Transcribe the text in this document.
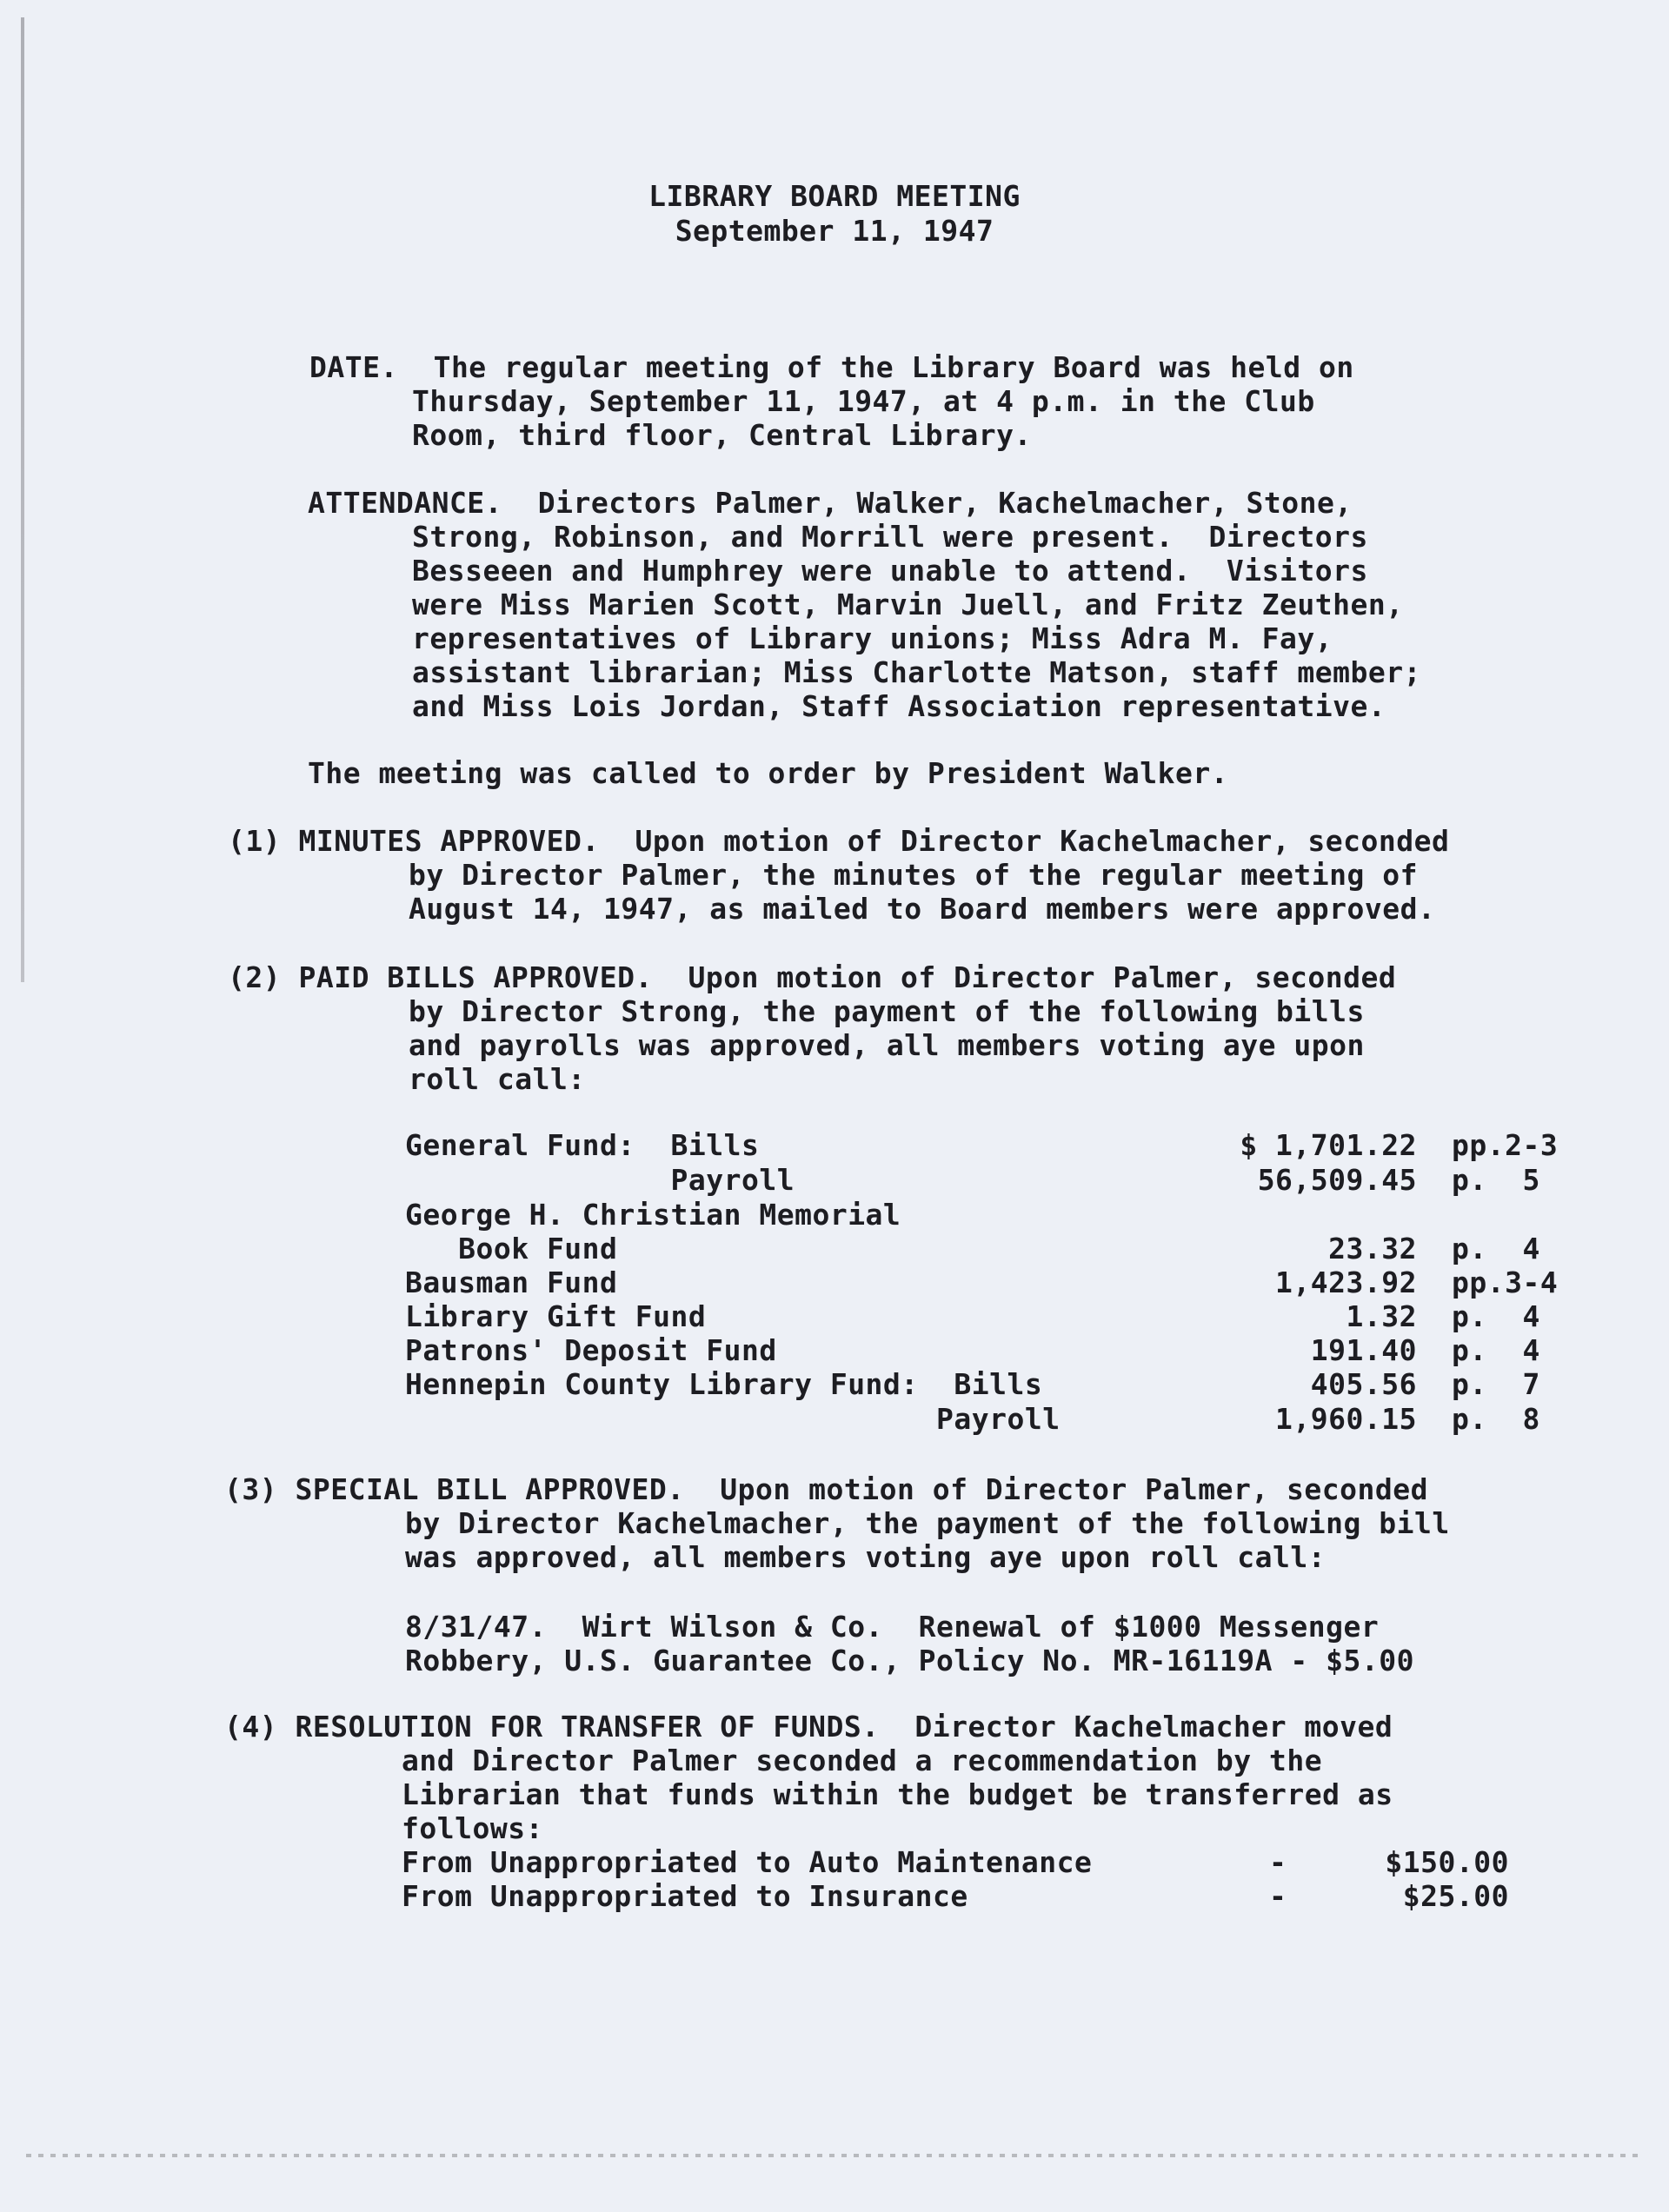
LIBRARY BOARD MEETING
September 11, 1947
DATE.  The regular meeting of the Library Board was held on
Thursday, September 11, 1947, at 4 p.m. in the Club
Room, third floor, Central Library.
ATTENDANCE.  Directors Palmer, Walker, Kachelmacher, Stone,
Strong, Robinson, and Morrill were present.  Directors
Besseeen and Humphrey were unable to attend.  Visitors
were Miss Marien Scott, Marvin Juell, and Fritz Zeuthen,
representatives of Library unions; Miss Adra M. Fay,
assistant librarian; Miss Charlotte Matson, staff member;
and Miss Lois Jordan, Staff Association representative.
The meeting was called to order by President Walker.
(1) MINUTES APPROVED.  Upon motion of Director Kachelmacher, seconded
by Director Palmer, the minutes of the regular meeting of
August 14, 1947, as mailed to Board members were approved.
(2) PAID BILLS APPROVED.  Upon motion of Director Palmer, seconded
by Director Strong, the payment of the following bills
and payrolls was approved, all members voting aye upon
roll call:
General Fund:  Bills	$ 1,701.22 pp.2-3
Payroll	56,509.45 p.  5
George H. Christian Memorial
Book Fund	23.32 p.  4
Bausman Fund	1,423.92 pp.3-4
Library Gift Fund	1.32 p.  4
Patrons' Deposit Fund	191.40 p.  4
Hennepin County Library Fund:  Bills	405.56 p.  7
Payroll	1,960.15 p.  8
(3) SPECIAL BILL APPROVED.  Upon motion of Director Palmer, seconded
by Director Kachelmacher, the payment of the following bill
was approved, all members voting aye upon roll call:
8/31/47.  Wirt Wilson & Co.  Renewal of $1000 Messenger
Robbery, U.S. Guarantee Co., Policy No. MR-16119A - $5.00
(4) RESOLUTION FOR TRANSFER OF FUNDS.  Director Kachelmacher moved
and Director Palmer seconded a recommendation by the
Librarian that funds within the budget be transferred as
follows:
From Unappropriated to Auto Maintenance	-	$150.00
From Unappropriated to Insurance	-	$25.00
